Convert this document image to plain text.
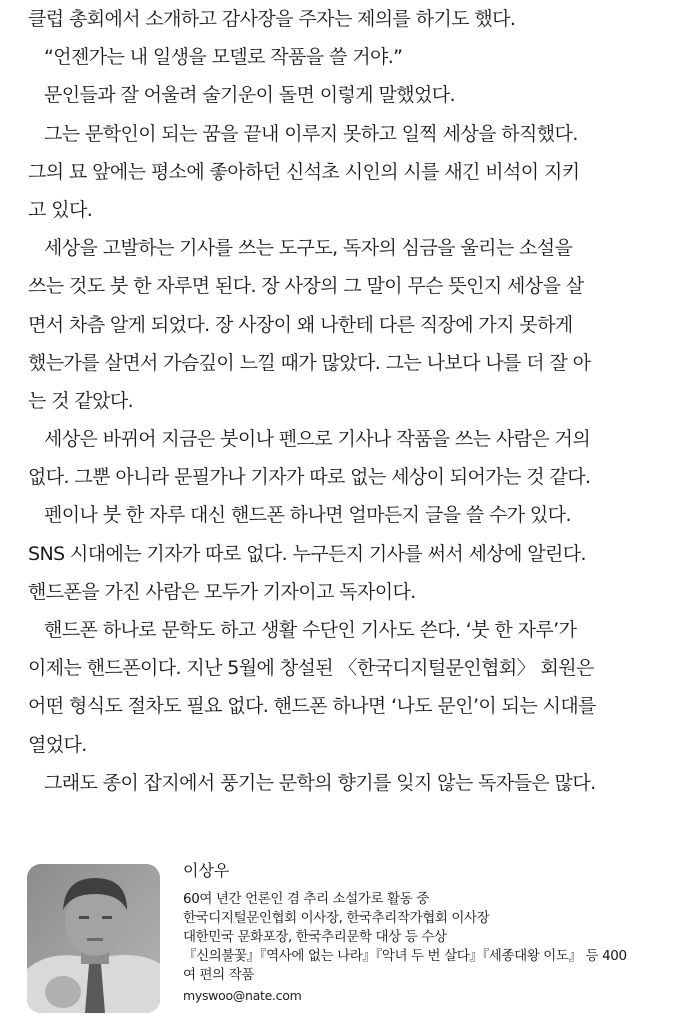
클럽 총회에서 소개하고 감사장을 주자는 제의를 하기도 했다.
“언젠가는 내 일생을 모델로 작품을 쓸 거야.”
문인들과 잘 어울려 술기운이 돌면 이렇게 말했었다.
그는 문학인이 되는 꿈을 끝내 이루지 못하고 일찍 세상을 하직했다.
그의 묘 앞에는 평소에 좋아하던 신석초 시인의 시를 새긴 비석이 지키
고 있다.
세상을 고발하는 기사를 쓰는 도구도, 독자의 심금을 울리는 소설을
쓰는 것도 붓 한 자루면 된다. 장 사장의 그 말이 무슨 뜻인지 세상을 살
면서 차츰 알게 되었다. 장 사장이 왜 나한테 다른 직장에 가지 못하게
했는가를 살면서 가슴깊이 느낄 때가 많았다. 그는 나보다 나를 더 잘 아
는 것 같았다.
세상은 바뀌어 지금은 붓이나 펜으로 기사나 작품을 쓰는 사람은 거의
없다. 그뿐 아니라 문필가나 기자가 따로 없는 세상이 되어가는 것 같다.
펜이나 붓 한 자루 대신 핸드폰 하나면 얼마든지 글을 쓸 수가 있다.
SNS 시대에는 기자가 따로 없다. 누구든지 기사를 써서 세상에 알린다.
핸드폰을 가진 사람은 모두가 기자이고 독자이다.
핸드폰 하나로 문학도 하고 생활 수단인 기사도 쓴다. ‘붓 한 자루’가
이제는 핸드폰이다. 지난 5월에 창설된 〈한국디지털문인협회〉 회원은
어떤 형식도 절차도 필요 없다. 핸드폰 하나면 ‘나도 문인’이 되는 시대를
열었다.
그래도 종이 잡지에서 풍기는 문학의 향기를 잊지 않는 독자들은 많다.
이상우
60여 년간 언론인 겸 추리 소설가로 활동 중
한국디지털문인협회 이사장, 한국추리작가협회 이사장
대한민국 문화포장, 한국추리문학 대상 등 수상
『신의불꽃』『역사에 없는 나라』『악녀 두 번 살다』『세종대왕 이도』 등 400
여 편의 작품
myswoo@nate.com
